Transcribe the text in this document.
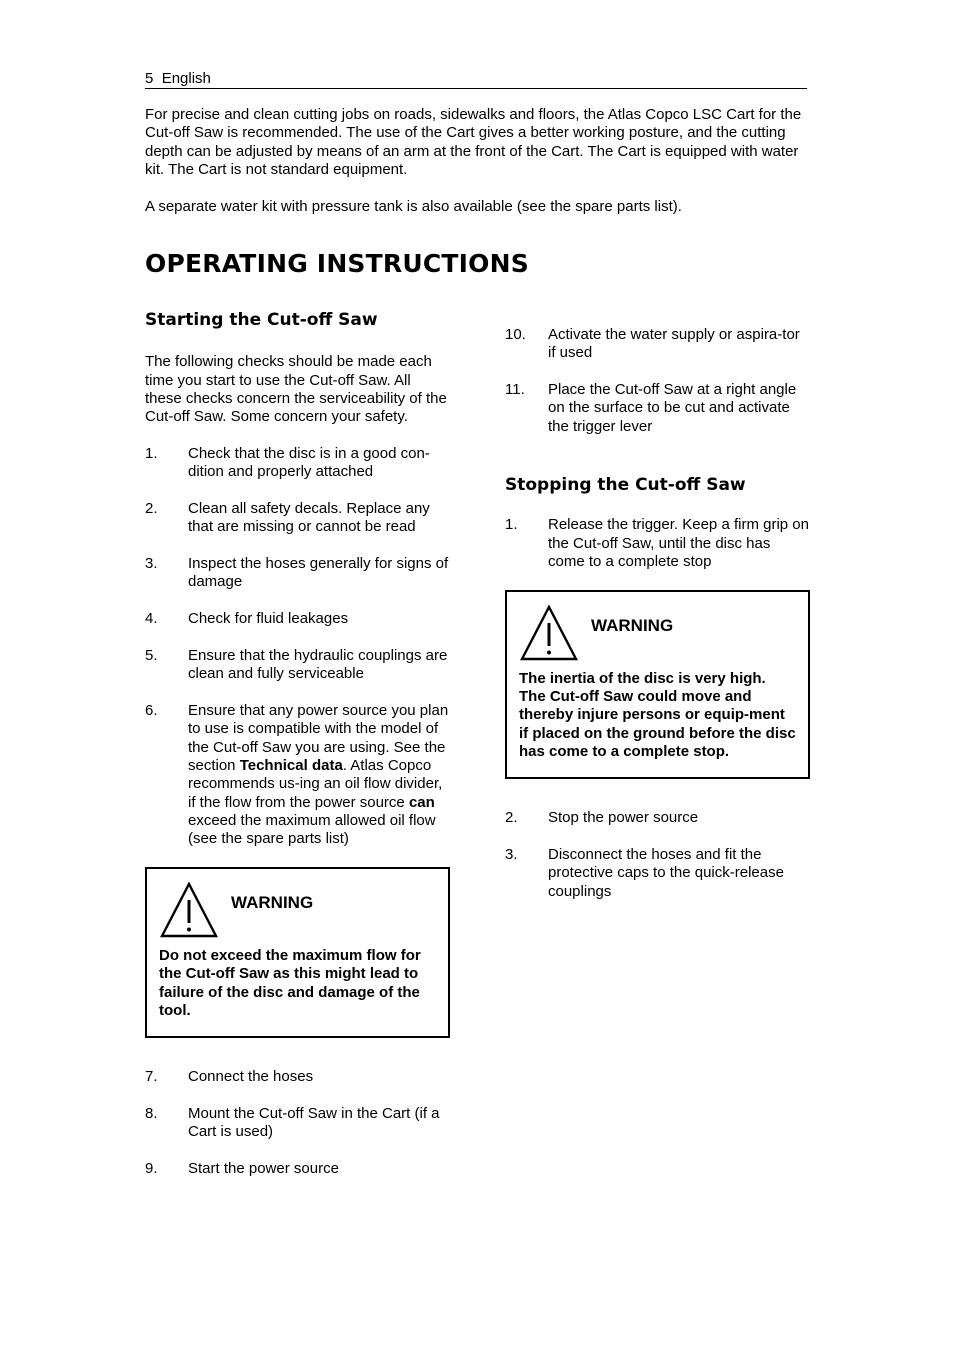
5 English

For precise and clean cutting jobs on roads, sidewalks and floors, the Atlas Copco LSC Cart for the Cut-off Saw is recommended. The use of the Cart gives a better working posture, and the cutting depth can be adjusted by means of an arm at the front of the Cart. The Cart is equipped with water kit. The Cart is not standard equipment.

A separate water kit with pressure tank is also available (see the spare parts list).

OPERATING INSTRUCTIONS
Starting the Cut-off Saw

The following checks should be made each time you start to use the Cut-off Saw. All these checks concern the serviceability of the Cut-off Saw. Some concern your safety.

1. Check that the disc is in a good con-dition and properly attached
2. Clean all safety decals. Replace any that are missing or cannot be read
3. Inspect the hoses generally for signs of damage
4. Check for fluid leakages
5. Ensure that the hydraulic couplings are clean and fully serviceable
6. Ensure that any power source you plan to use is compatible with the model of the Cut-off Saw you are using. See the section Technical data. Atlas Copco recommends us-ing an oil flow divider, if the flow from the power source can exceed the maximum allowed oil flow (see the spare parts list)
WARNING
Do not exceed the maximum flow for the Cut-off Saw as this might lead to failure of the disc and damage of the tool.
7. Connect the hoses
8. Mount the Cut-off Saw in the Cart (if a Cart is used)
9. Start the power source
10. Activate the water supply or aspira-tor if used
11. Place the Cut-off Saw at a right angle on the surface to be cut and activate the trigger lever
Stopping the Cut-off Saw
1. Release the trigger. Keep a firm grip on the Cut-off Saw, until the disc has come to a complete stop
WARNING
The inertia of the disc is very high. The Cut-off Saw could move and thereby injure persons or equip-ment if placed on the ground before the disc has come to a complete stop.
2. Stop the power source
3. Disconnect the hoses and fit the protective caps to the quick-release couplings
